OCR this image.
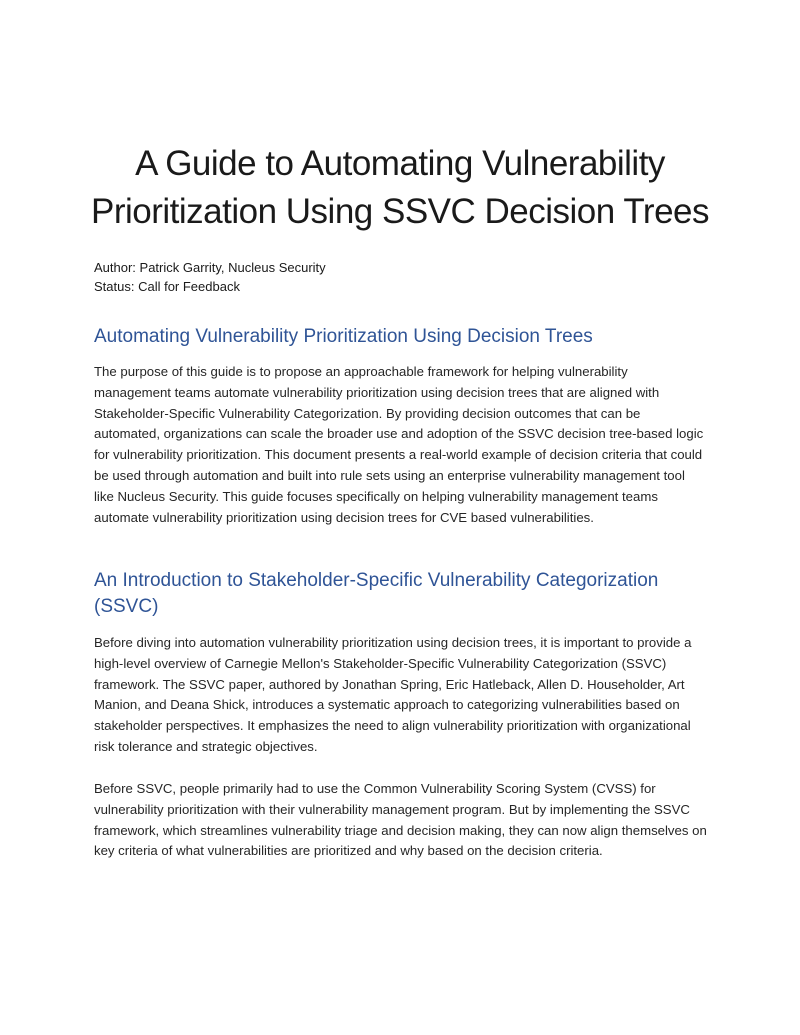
A Guide to Automating Vulnerability Prioritization Using SSVC Decision Trees
Author: Patrick Garrity, Nucleus Security
Status: Call for Feedback
Automating Vulnerability Prioritization Using Decision Trees

The purpose of this guide is to propose an approachable framework for helping vulnerability management teams automate vulnerability prioritization using decision trees that are aligned with Stakeholder-Specific Vulnerability Categorization. By providing decision outcomes that can be automated, organizations can scale the broader use and adoption of the SSVC decision tree-based logic for vulnerability prioritization. This document presents a real-world example of decision criteria that could be used through automation and built into rule sets using an enterprise vulnerability management tool like Nucleus Security. This guide focuses specifically on helping vulnerability management teams automate vulnerability prioritization using decision trees for CVE based vulnerabilities.

An Introduction to Stakeholder-Specific Vulnerability Categorization (SSVC)

Before diving into automation vulnerability prioritization using decision trees, it is important to provide a high-level overview of Carnegie Mellon's Stakeholder-Specific Vulnerability Categorization (SSVC) framework. The SSVC paper, authored by Jonathan Spring, Eric Hatleback, Allen D. Householder, Art Manion, and Deana Shick, introduces a systematic approach to categorizing vulnerabilities based on stakeholder perspectives. It emphasizes the need to align vulnerability prioritization with organizational risk tolerance and strategic objectives.

Before SSVC, people primarily had to use the Common Vulnerability Scoring System (CVSS) for vulnerability prioritization with their vulnerability management program. But by implementing the SSVC framework, which streamlines vulnerability triage and decision making, they can now align themselves on key criteria of what vulnerabilities are prioritized and why based on the decision criteria.
